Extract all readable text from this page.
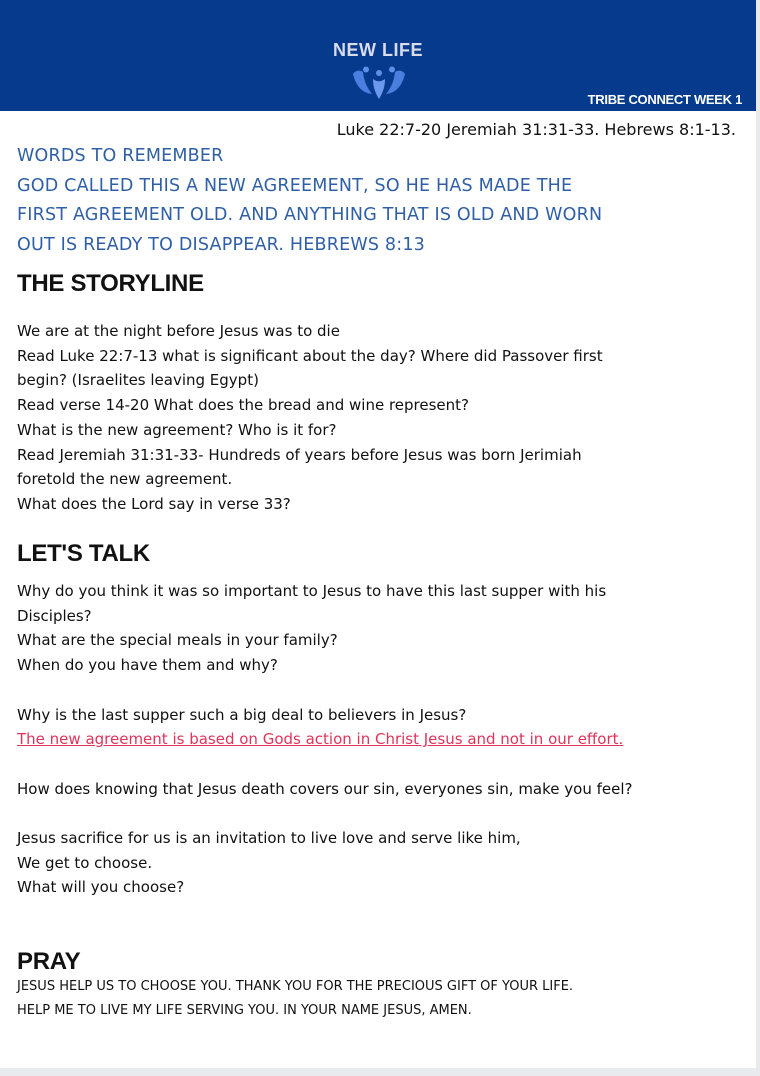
NEW LIFE
TRIBE CONNECT WEEK 1
Luke 22:7-20 Jeremiah 31:31-33. Hebrews 8:1-13.
WORDS TO REMEMBER
GOD CALLED THIS A NEW AGREEMENT, SO HE HAS MADE THE
FIRST AGREEMENT OLD. AND ANYTHING THAT IS OLD AND WORN
OUT IS READY TO DISAPPEAR. HEBREWS 8:13
THE STORYLINE
We are at the night before Jesus was to die
Read Luke 22:7-13 what is significant about the day? Where did Passover first
begin? (Israelites leaving Egypt)
Read verse 14-20 What does the bread and wine represent?
What is the new agreement? Who is it for?
Read Jeremiah 31:31-33- Hundreds of years before Jesus was born Jerimiah
foretold the new agreement.
What does the Lord say in verse 33?
LET'S TALK
Why do you think it was so important to Jesus to have this last supper with his
Disciples?
What are the special meals in your family?
When do you have them and why?
Why is the last supper such a big deal to believers in Jesus?
The new agreement is based on Gods action in Christ Jesus and not in our effort.
How does knowing that Jesus death covers our sin, everyones sin, make you feel?
Jesus sacrifice for us is an invitation to live love and serve like him,
We get to choose.
What will you choose?
PRAY
JESUS HELP US TO CHOOSE YOU. THANK YOU FOR THE PRECIOUS GIFT OF YOUR LIFE.
HELP ME TO LIVE MY LIFE SERVING YOU. IN YOUR NAME JESUS, AMEN.
